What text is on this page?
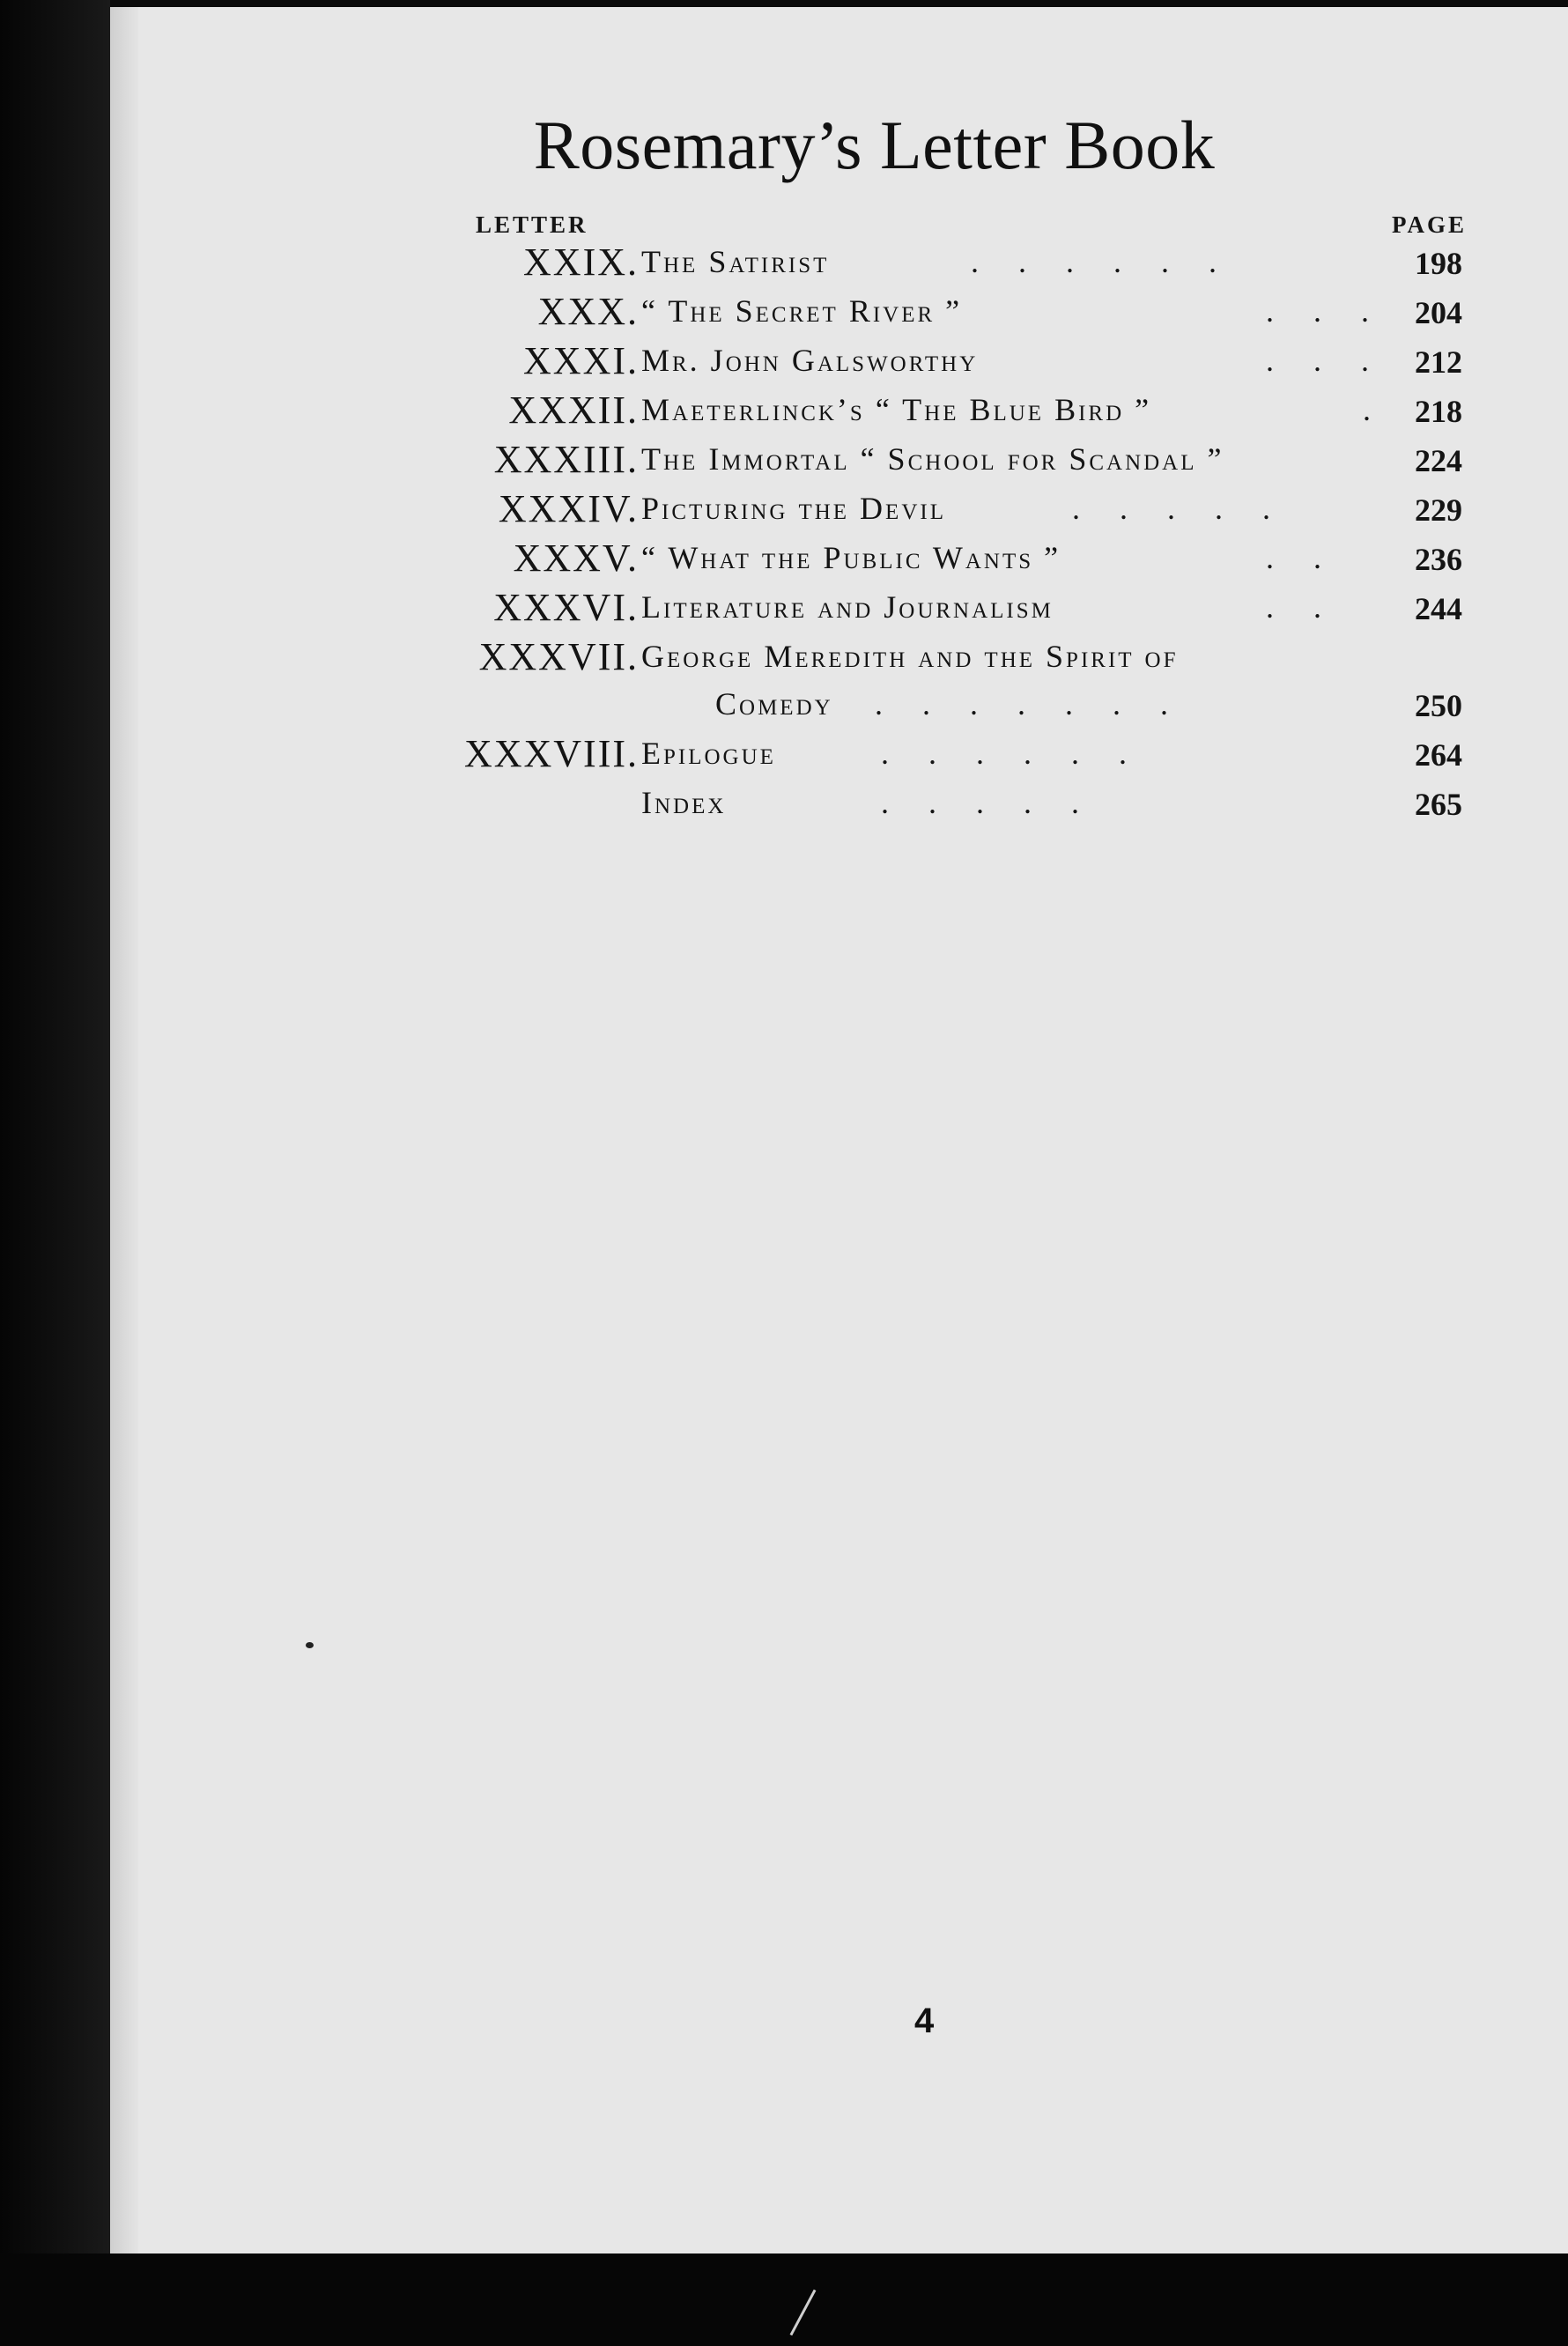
Rosemary’s Letter Book
LETTER	PAGE
XXIX. The Satirist	.     .     .     .     .     .	198
XXX. “ The Secret River ”	.     .     . 204
XXXI. Mr. John Galsworthy	.     .     . 212
XXXII. Maeterlinck’s “ The Blue Bird ”	. 218
XXXIII. The Immortal “ School for Scandal ”	224
XXXIV. Picturing the Devil	.     .     .     .     .	229
XXXV. “ What the Public Wants ”	.     .	236
XXXVI. Literature and Journalism	.     .	244
XXXVII. George Meredith and the Spirit of
Comedy .     .     .     .     .     .     .	250
XXXVIII. Epilogue	.     .     .     .     .     .	264
Index	.     .     .     .     .	265
4
